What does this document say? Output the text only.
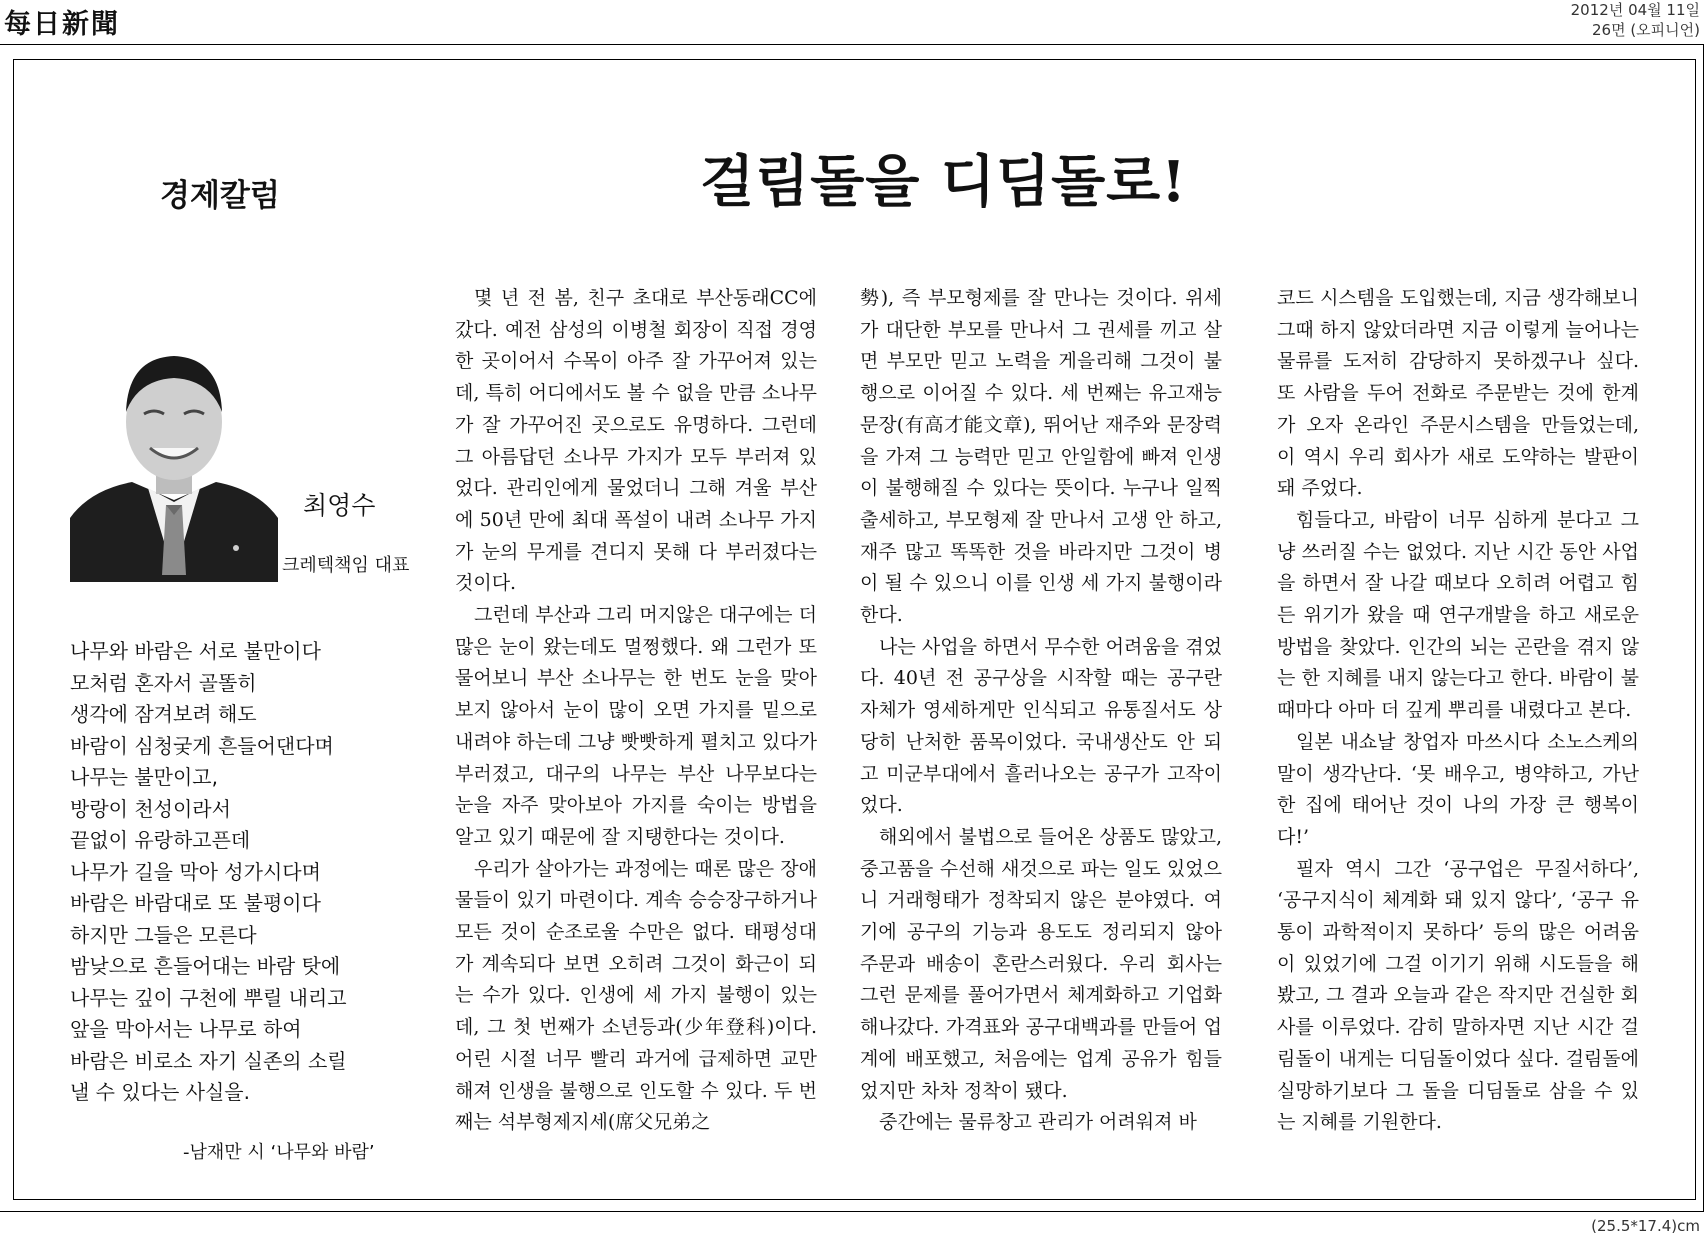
每日新聞	2012년 04월 11일
26면 (오피니언)
경제칼럼	걸림돌을 디딤돌로!
최영수
크레텍책임 대표
나무와 바람은 서로 불만이다
모처럼 혼자서 골똘히
생각에 잠겨보려 해도
바람이 심청궂게 흔들어댄다며
나무는 불만이고,
방랑이 천성이라서
끝없이 유랑하고픈데
나무가 길을 막아 성가시다며
바람은 바람대로 또 불평이다
하지만 그들은 모른다
밤낮으로 흔들어대는 바람 탓에
나무는 깊이 구천에 뿌릴 내리고
앞을 막아서는 나무로 하여
바람은 비로소 자기 실존의 소릴
낼 수 있다는 사실을.
-남재만 시 ‘나무와 바람’

몇 년 전 봄, 친구 초대로 부산동래CC에 갔다. 예전 삼성의 이병철 회장이 직접 경영한 곳이어서 수목이 아주 잘 가꾸어져 있는데, 특히 어디에서도 볼 수 없을 만큼 소나무가 잘 가꾸어진 곳으로도 유명하다. 그런데 그 아름답던 소나무 가지가 모두 부러져 있었다. 관리인에게 물었더니 그해 겨울 부산에 50년 만에 최대 폭설이 내려 소나무 가지가 눈의 무게를 견디지 못해 다 부러졌다는 것이다.

그런데 부산과 그리 머지않은 대구에는 더 많은 눈이 왔는데도 멀쩡했다. 왜 그런가 또 물어보니 부산 소나무는 한 번도 눈을 맞아보지 않아서 눈이 많이 오면 가지를 밑으로 내려야 하는데 그냥 빳빳하게 펼치고 있다가 부러졌고, 대구의 나무는 부산 나무보다는 눈을 자주 맞아보아 가지를 숙이는 방법을 알고 있기 때문에 잘 지탱한다는 것이다.

우리가 살아가는 과정에는 때론 많은 장애물들이 있기 마련이다. 계속 승승장구하거나 모든 것이 순조로울 수만은 없다. 태평성대가 계속되다 보면 오히려 그것이 화근이 되는 수가 있다. 인생에 세 가지 불행이 있는데, 그 첫 번째가 소년등과(少年登科)이다. 어린 시절 너무 빨리 과거에 급제하면 교만해져 인생을 불행으로 인도할 수 있다. 두 번째는 석부형제지세(席父兄弟之

勢), 즉 부모형제를 잘 만나는 것이다. 위세가 대단한 부모를 만나서 그 권세를 끼고 살면 부모만 믿고 노력을 게을리해 그것이 불행으로 이어질 수 있다. 세 번째는 유고재능문장(有高才能文章), 뛰어난 재주와 문장력을 가져 그 능력만 믿고 안일함에 빠져 인생이 불행해질 수 있다는 뜻이다. 누구나 일찍 출세하고, 부모형제 잘 만나서 고생 안 하고, 재주 많고 똑똑한 것을 바라지만 그것이 병이 될 수 있으니 이를 인생 세 가지 불행이라 한다.

나는 사업을 하면서 무수한 어려움을 겪었다. 40년 전 공구상을 시작할 때는 공구란 자체가 영세하게만 인식되고 유통질서도 상당히 난처한 품목이었다. 국내생산도 안 되고 미군부대에서 흘러나오는 공구가 고작이었다.

해외에서 불법으로 들어온 상품도 많았고, 중고품을 수선해 새것으로 파는 일도 있었으니 거래형태가 정착되지 않은 분야였다. 여기에 공구의 기능과 용도도 정리되지 않아 주문과 배송이 혼란스러웠다. 우리 회사는 그런 문제를 풀어가면서 체계화하고 기업화해나갔다. 가격표와 공구대백과를 만들어 업계에 배포했고, 처음에는 업계 공유가 힘들었지만 차차 정착이 됐다.

중간에는 물류창고 관리가 어려워져 바

코드 시스템을 도입했는데, 지금 생각해보니 그때 하지 않았더라면 지금 이렇게 늘어나는 물류를 도저히 감당하지 못하겠구나 싶다. 또 사람을 두어 전화로 주문받는 것에 한계가 오자 온라인 주문시스템을 만들었는데, 이 역시 우리 회사가 새로 도약하는 발판이 돼 주었다.

힘들다고, 바람이 너무 심하게 분다고 그냥 쓰러질 수는 없었다. 지난 시간 동안 사업을 하면서 잘 나갈 때보다 오히려 어렵고 힘든 위기가 왔을 때 연구개발을 하고 새로운 방법을 찾았다. 인간의 뇌는 곤란을 겪지 않는 한 지혜를 내지 않는다고 한다. 바람이 불 때마다 아마 더 깊게 뿌리를 내렸다고 본다.

일본 내쇼날 창업자 마쓰시다 소노스케의 말이 생각난다. ‘못 배우고, 병약하고, 가난한 집에 태어난 것이 나의 가장 큰 행복이다!’

필자 역시 그간 ‘공구업은 무질서하다’, ‘공구지식이 체계화 돼 있지 않다’, ‘공구 유통이 과학적이지 못하다’ 등의 많은 어려움이 있었기에 그걸 이기기 위해 시도들을 해봤고, 그 결과 오늘과 같은 작지만 건실한 회사를 이루었다. 감히 말하자면 지난 시간 걸림돌이 내게는 디딤돌이었다 싶다. 걸림돌에 실망하기보다 그 돌을 디딤돌로 삼을 수 있는 지혜를 기원한다.

(25.5*17.4)cm
